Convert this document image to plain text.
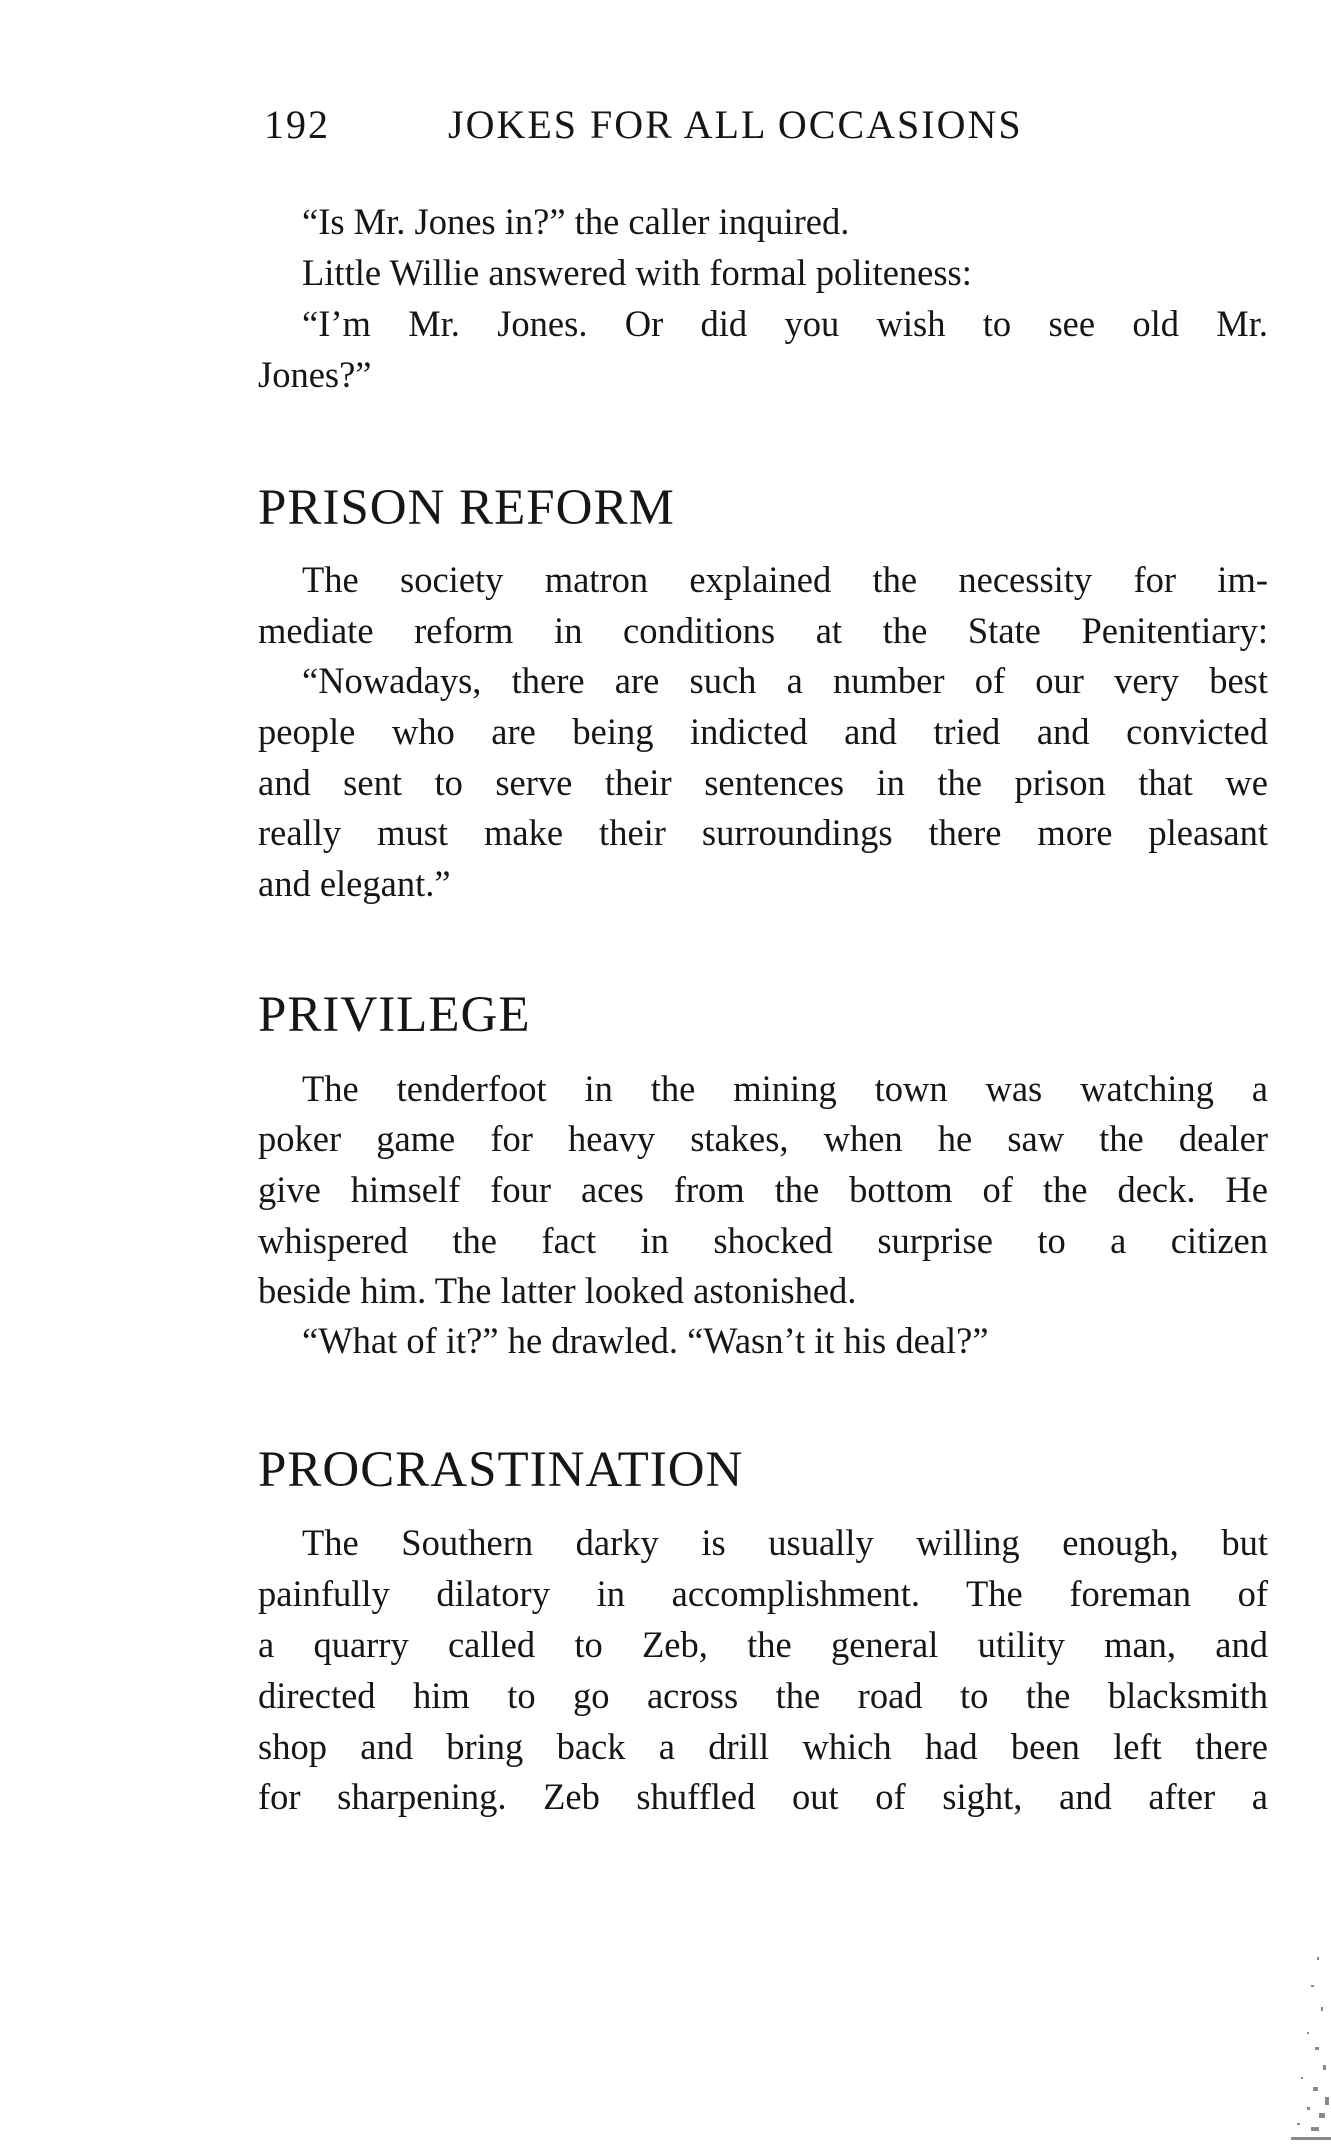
192	JOKES FOR ALL OCCASIONS
“Is Mr. Jones in?” the caller inquired.
Little Willie answered with formal politeness:
“I’m Mr. Jones. Or did you wish to see old Mr.
Jones?”
PRISON REFORM
The society matron explained the necessity for im-
mediate reform in conditions at the State Penitentiary:
“Nowadays, there are such a number of our very best
people who are being indicted and tried and convicted
and sent to serve their sentences in the prison that we
really must make their surroundings there more pleasant
and elegant.”
PRIVILEGE
The tenderfoot in the mining town was watching a
poker game for heavy stakes, when he saw the dealer
give himself four aces from the bottom of the deck. He
whispered the fact in shocked surprise to a citizen
beside him. The latter looked astonished.
“What of it?” he drawled. “Wasn’t it his deal?”
PROCRASTINATION
The Southern darky is usually willing enough, but
painfully dilatory in accomplishment. The foreman of
a quarry called to Zeb, the general utility man, and
directed him to go across the road to the blacksmith
shop and bring back a drill which had been left there
for sharpening. Zeb shuffled out of sight, and after a
